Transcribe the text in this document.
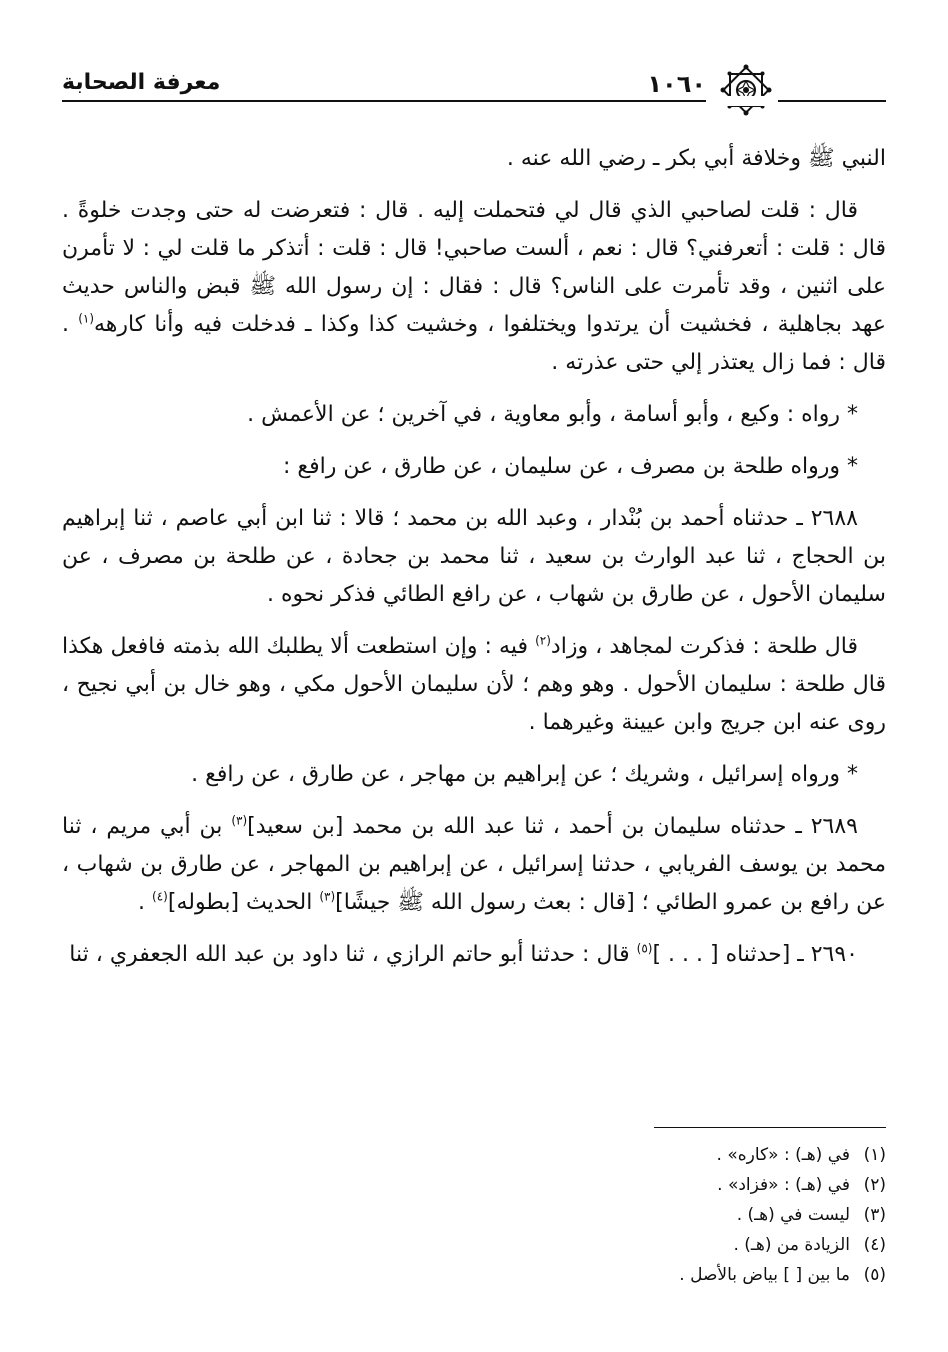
معرفة الصحابة	١٠٦٠

النبي ﷺ وخلافة أبي بكر ـ رضي الله عنه .

قال : قلت لصاحبي الذي قال لي فتحملت إليه . قال : فتعرضت له حتى وجدت خلوةً . قال : قلت : أتعرفني؟ قال : نعم ، ألست صاحبي! قال : قلت : أتذكر ما قلت لي : لا تأمرن على اثنين ، وقد تأمرت على الناس؟ قال : فقال : إن رسول الله ﷺ قبض والناس حديث عهد بجاهلية ، فخشيت أن يرتدوا ويختلفوا ، وخشيت كذا وكذا ـ فدخلت فيه وأنا كارهه$^{(١)}$ . قال : فما زال يعتذر إلي حتى عذرته .

* رواه : وكيع ، وأبو أسامة ، وأبو معاوية ، في آخرين ؛ عن الأعمش .

* ورواه طلحة بن مصرف ، عن سليمان ، عن طارق ، عن رافع :

٢٦٨٨ ـ حدثناه أحمد بن بُنْدار ، وعبد الله بن محمد ؛ قالا : ثنا ابن أبي عاصم ، ثنا إبراهيم بن الحجاج ، ثنا عبد الوارث بن سعيد ، ثنا محمد بن جحادة ، عن طلحة بن مصرف ، عن سليمان الأحول ، عن طارق بن شهاب ، عن رافع الطائي فذكر نحوه .

قال طلحة : فذكرت لمجاهد ، وزاد$^{(٢)}$ فيه : وإن استطعت ألا يطلبك الله بذمته فافعل هكذا قال طلحة : سليمان الأحول . وهو وهم ؛ لأن سليمان الأحول مكي ، وهو خال بن أبي نجيح ، روى عنه ابن جريج وابن عيينة وغيرهما .

* ورواه إسرائيل ، وشريك ؛ عن إبراهيم بن مهاجر ، عن طارق ، عن رافع .

٢٦٨٩ ـ حدثناه سليمان بن أحمد ، ثنا عبد الله بن محمد [بن سعيد]$^{(٣)}$ بن أبي مريم ، ثنا محمد بن يوسف الفريابي ، حدثنا إسرائيل ، عن إبراهيم بن المهاجر ، عن طارق بن شهاب ، عن رافع بن عمرو الطائي ؛ [قال : بعث رسول الله ﷺ جيشًا]$^{(٣)}$ الحديث [بطوله]$^{(٤)}$ .

٢٦٩٠ ـ [حدثناه [ . . . ]$^{(٥)}$ قال : حدثنا أبو حاتم الرازي ، ثنا داود بن عبد الله الجعفري ، ثنا

(١)في (هـ) : «كاره» .
(٢)في (هـ) : «فزاد» .
(٣)ليست في (هـ) .
(٤)الزيادة من (هـ) .
(٥)ما بين [ ] بياض بالأصل .
